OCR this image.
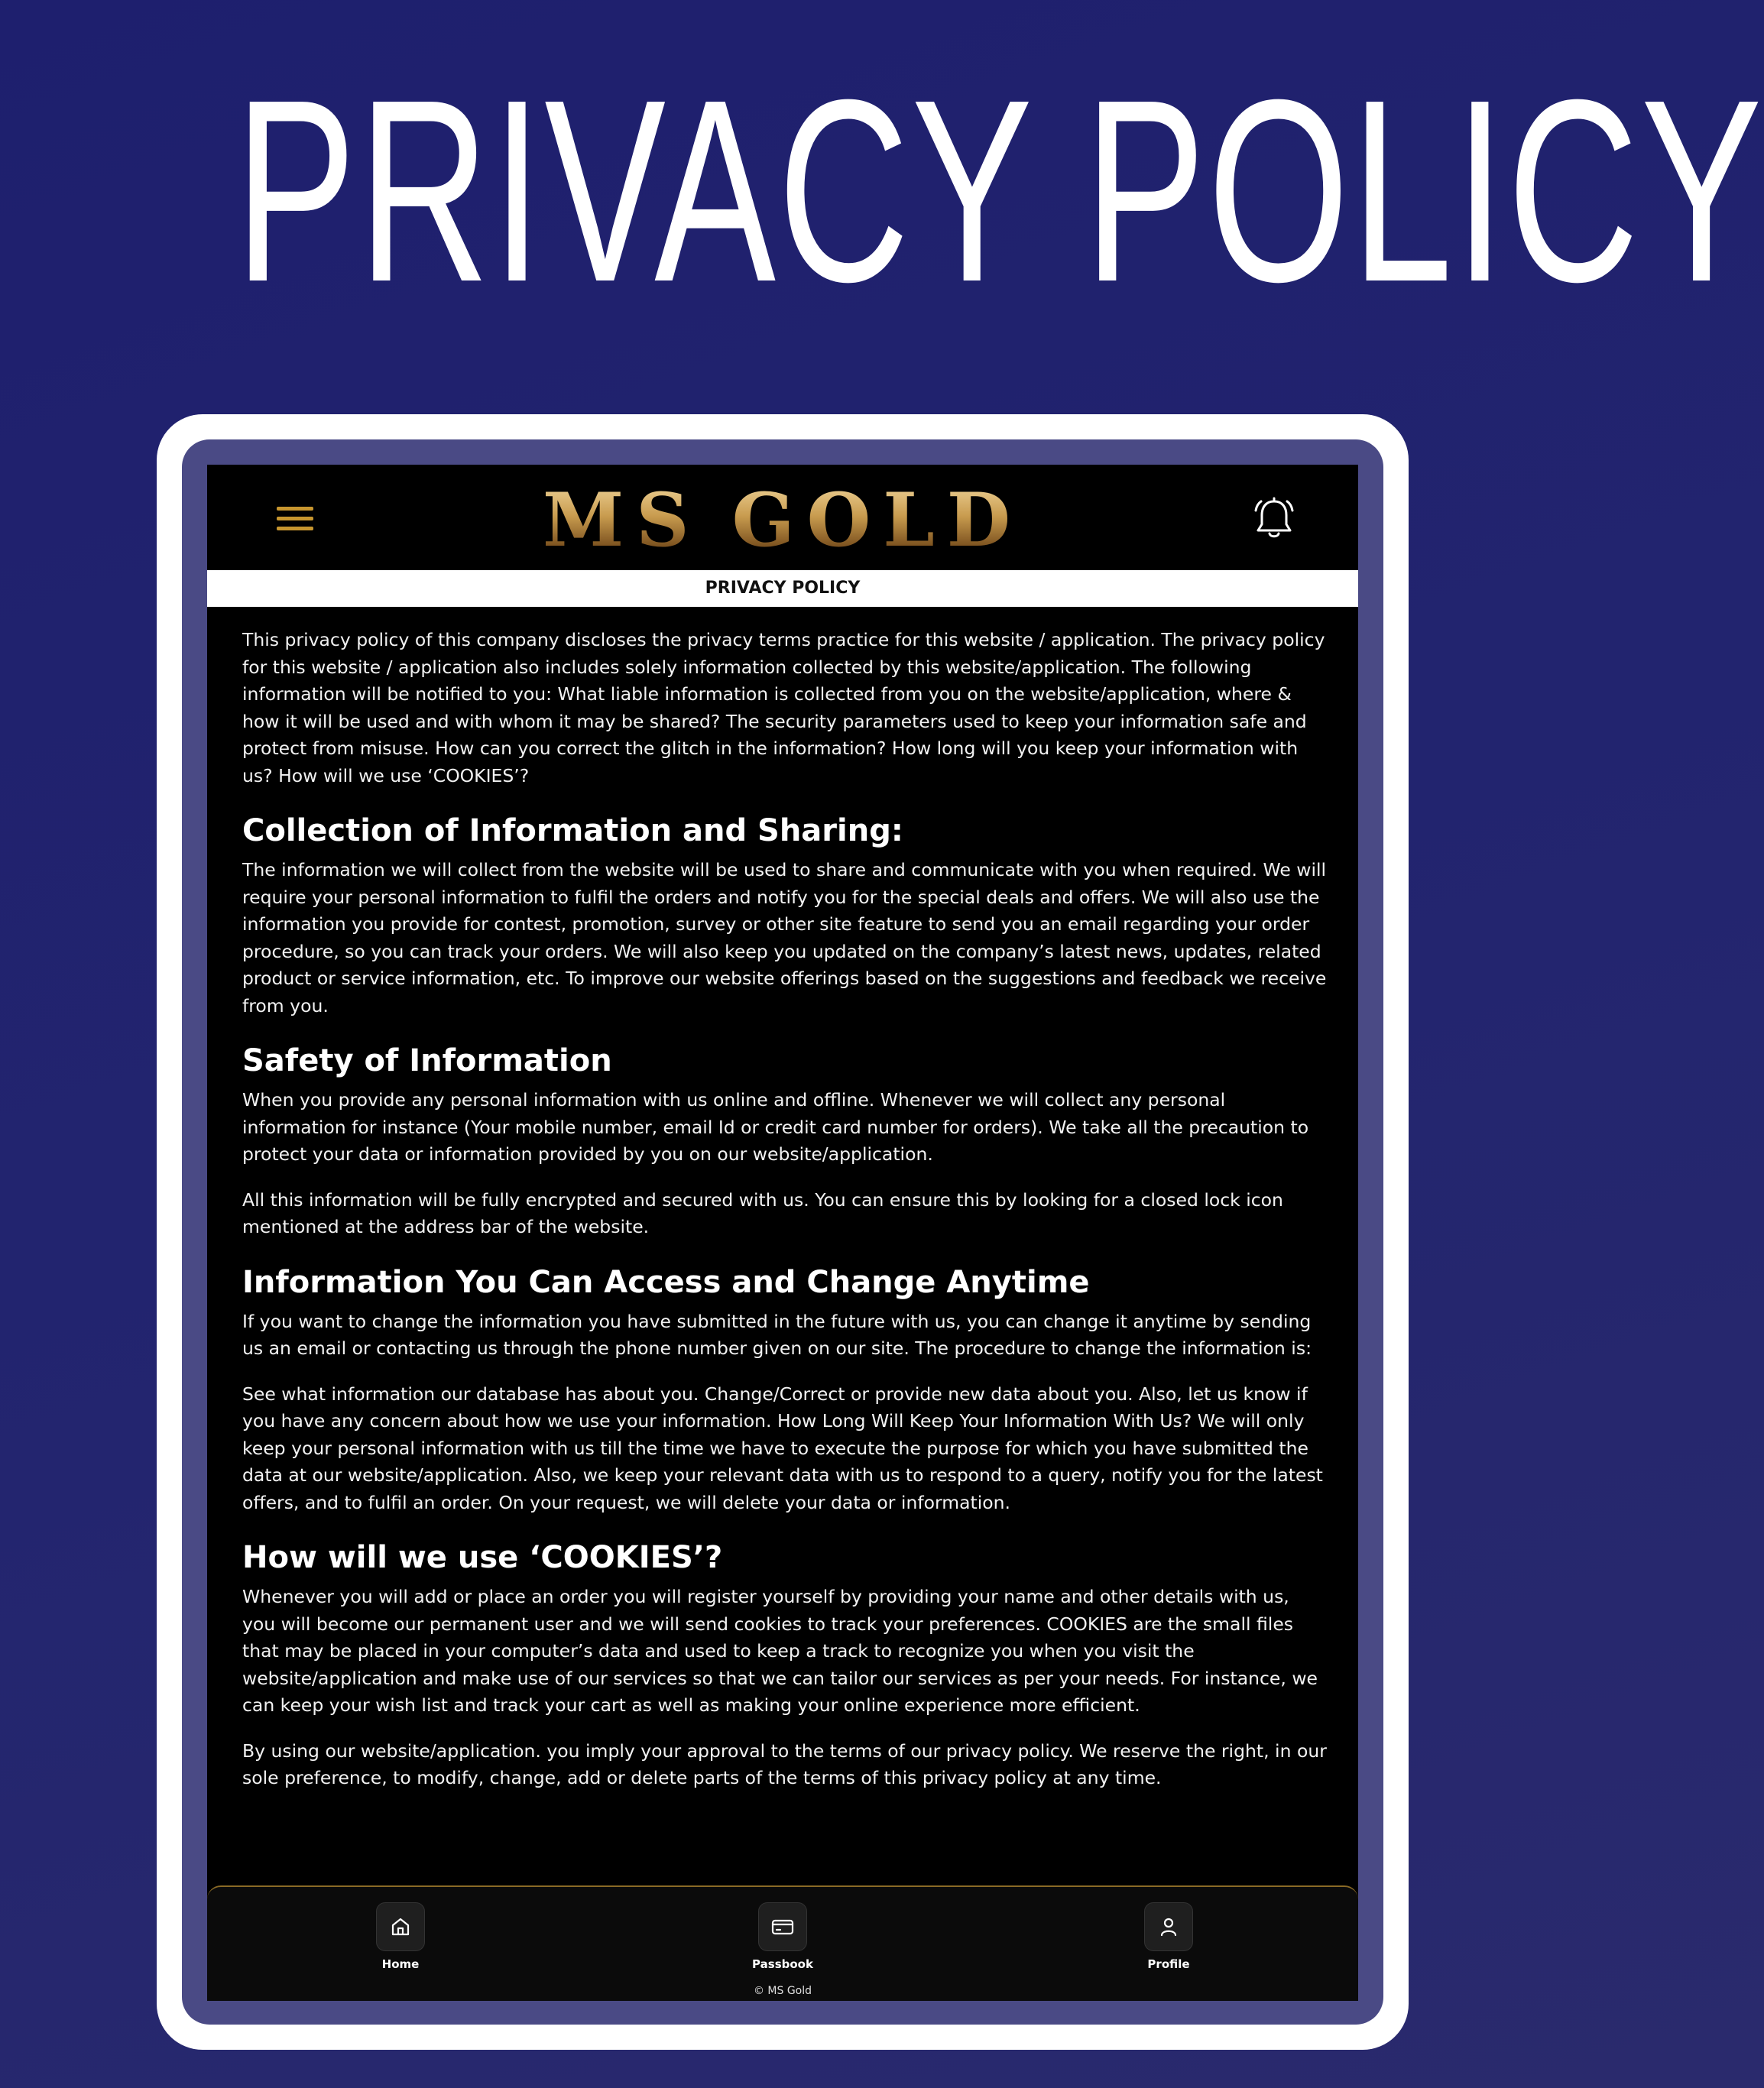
PRIVACY POLICY
MS GOLD
PRIVACY POLICY

This privacy policy of this company discloses the privacy terms practice for this website / application. The privacy policy for this website / application also includes solely information collected by this website/application. The following information will be notified to you: What liable information is collected from you on the website/application, where & how it will be used and with whom it may be shared? The security parameters used to keep your information safe and protect from misuse. How can you correct the glitch in the information? How long will you keep your information with us? How will we use ‘COOKIES’?

Collection of Information and Sharing:

The information we will collect from the website will be used to share and communicate with you when required. We will require your personal information to fulfil the orders and notify you for the special deals and offers. We will also use the information you provide for contest, promotion, survey or other site feature to send you an email regarding your order procedure, so you can track your orders. We will also keep you updated on the company’s latest news, updates, related product or service information, etc. To improve our website offerings based on the suggestions and feedback we receive from you.

Safety of Information

When you provide any personal information with us online and offline. Whenever we will collect any personal information for instance (Your mobile number, email Id or credit card number for orders). We take all the precaution to protect your data or information provided by you on our website/application.

All this information will be fully encrypted and secured with us. You can ensure this by looking for a closed lock icon mentioned at the address bar of the website.

Information You Can Access and Change Anytime

If you want to change the information you have submitted in the future with us, you can change it anytime by sending us an email or contacting us through the phone number given on our site. The procedure to change the information is:

See what information our database has about you. Change/Correct or provide new data about you. Also, let us know if you have any concern about how we use your information. How Long Will Keep Your Information With Us? We will only keep your personal information with us till the time we have to execute the purpose for which you have submitted the data at our website/application. Also, we keep your relevant data with us to respond to a query, notify you for the latest offers, and to fulfil an order. On your request, we will delete your data or information.

How will we use ‘COOKIES’?

Whenever you will add or place an order you will register yourself by providing your name and other details with us, you will become our permanent user and we will send cookies to track your preferences. COOKIES are the small files that may be placed in your computer’s data and used to keep a track to recognize you when you visit the website/application and make use of our services so that we can tailor our services as per your needs. For instance, we can keep your wish list and track your cart as well as making your online experience more efficient.

By using our website/application. you imply your approval to the terms of our privacy policy. We reserve the right, in our sole preference, to modify, change, add or delete parts of the terms of this privacy policy at any time.

Home	Passbook	Profile
© MS Gold
